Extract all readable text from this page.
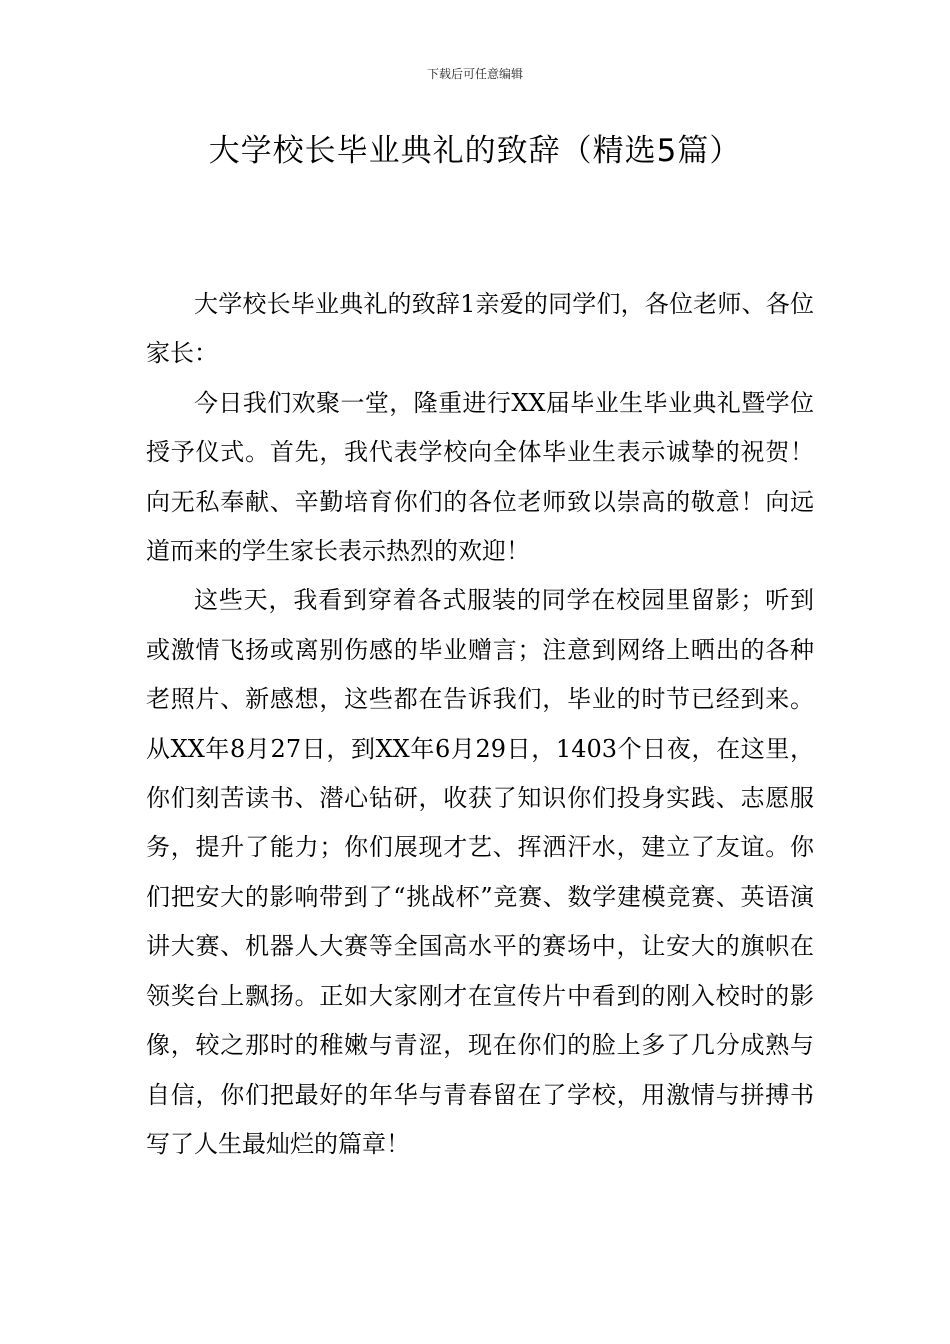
下载后可任意编辑
大学校长毕业典礼的致辞（精选5篇）

大学校长毕业典礼的致辞1亲爱的同学们，各位老师、各位家长：

今日我们欢聚一堂，隆重进行XX届毕业生毕业典礼暨学位授予仪式。首先，我代表学校向全体毕业生表示诚挚的祝贺！向无私奉献、辛勤培育你们的各位老师致以崇高的敬意！向远道而来的学生家长表示热烈的欢迎！

这些天，我看到穿着各式服装的同学在校园里留影；听到或激情飞扬或离别伤感的毕业赠言；注意到网络上晒出的各种老照片、新感想，这些都在告诉我们，毕业的时节已经到来。从XX年8月27日，到XX年6月29日，1403个日夜，在这里，你们刻苦读书、潜心钻研，收获了知识你们投身实践、志愿服务，提升了能力；你们展现才艺、挥洒汗水，建立了友谊。你们把安大的影响带到了“挑战杯”竞赛、数学建模竞赛、英语演讲大赛、机器人大赛等全国高水平的赛场中，让安大的旗帜在领奖台上飘扬。正如大家刚才在宣传片中看到的刚入校时的影像，较之那时的稚嫩与青涩，现在你们的脸上多了几分成熟与自信，你们把最好的年华与青春留在了学校，用激情与拼搏书写了人生最灿烂的篇章！
